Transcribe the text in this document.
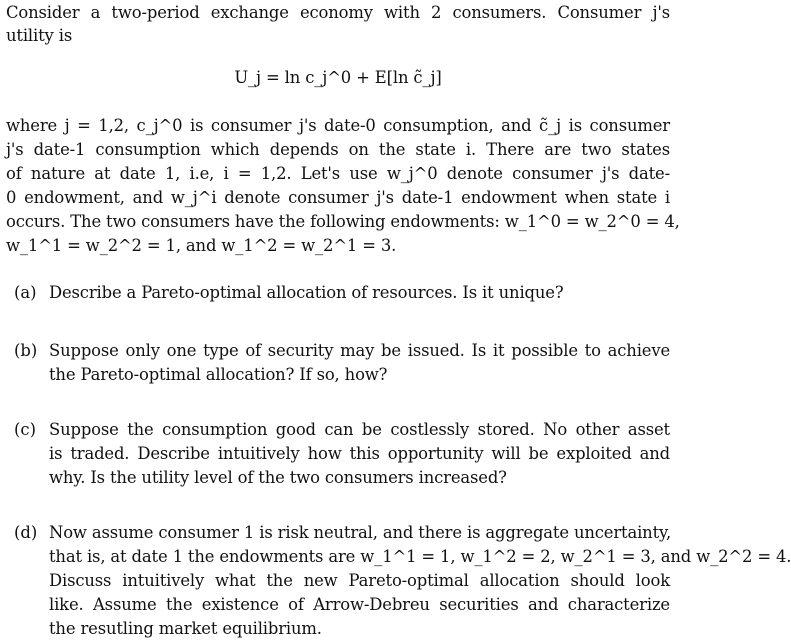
Consider a two-period exchange economy with 2 consumers. Consumer j's
utility is
U_j = ln c_j^0 + E[ln c̃_j]
where j = 1,2, c_j^0 is consumer j's date-0 consumption, and c̃_j is consumer
j's date-1 consumption which depends on the state i. There are two states
of nature at date 1, i.e, i = 1,2. Let's use w_j^0 denote consumer j's date-
0 endowment, and w_j^i denote consumer j's date-1 endowment when state i
occurs. The two consumers have the following endowments: w_1^0 = w_2^0 = 4,
w_1^1 = w_2^2 = 1, and w_1^2 = w_2^1 = 3.
(a) Describe a Pareto-optimal allocation of resources. Is it unique?
(b) Suppose only one type of security may be issued. Is it possible to achieve
the Pareto-optimal allocation? If so, how?
(c) Suppose the consumption good can be costlessly stored. No other asset
is traded. Describe intuitively how this opportunity will be exploited and
why. Is the utility level of the two consumers increased?
(d) Now assume consumer 1 is risk neutral, and there is aggregate uncertainty,
that is, at date 1 the endowments are w_1^1 = 1, w_1^2 = 2, w_2^1 = 3, and w_2^2 = 4.
Discuss intuitively what the new Pareto-optimal allocation should look
like. Assume the existence of Arrow-Debreu securities and characterize
the resutling market equilibrium.
